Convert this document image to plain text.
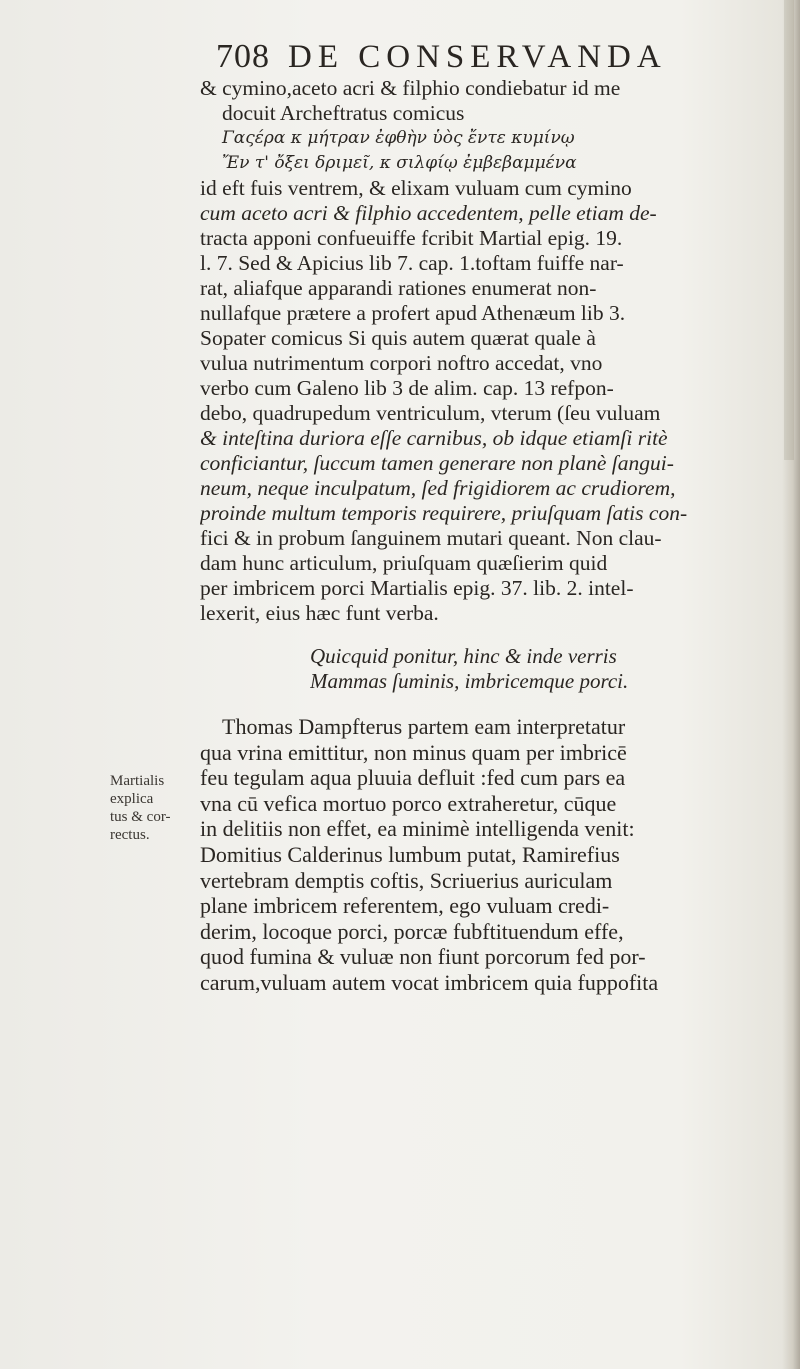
708 DE CONSERVANDA
Martialis
explica
tus & cor-
rectus.

& cymino,aceto acri & filphio condiebatur id me
docuit Archeftratus comicus
Γαςέρα κ μήτραν ἐφθὴν ὑὸς ἔντε κυμίνῳ
Ἔν τ' ὄξει δριμεῖ, κ σιλφίῳ ἐμβεβαμμένα
id eft fuis ventrem, & elixam vuluam cum cymino
cum aceto acri & filphio accedentem, pelle etiam de-
tracta apponi confueuiffe fcribit Martial epig. 19.
l. 7. Sed & Apicius lib 7. cap. 1.toftam fuiffe nar-
rat, aliafque apparandi rationes enumerat non-
nullafque prætere a profert apud Athenæum lib 3.
Sopater comicus Si quis autem quærat quale à
vulua nutrimentum corpori noftro accedat, vno
verbo cum Galeno lib 3 de alim. cap. 13 refpon-
debo, quadrupedum ventriculum, vterum (ſeu vuluam
& inteſtina duriora eſſe carnibus, ob idque etiamſi ritè
conficiantur, ſuccum tamen generare non planè ſangui-
neum, neque inculpatum, ſed frigidiorem ac crudiorem,
proinde multum temporis requirere, priuſquam ſatis con-
fici & in probum ſanguinem mutari queant. Non clau-
dam hunc articulum, priuſquam quæſierim quid
per imbricem porci Martialis epig. 37. lib. 2. intel-
lexerit, eius hæc funt verba.

Quicquid ponitur, hinc & inde verris
Mammas ſuminis, imbricemque porci.

Thomas Dampfterus partem eam interpretatur
qua vrina emittitur, non minus quam per imbricē
feu tegulam aqua pluuia defluit :fed cum pars ea
vna cū vefica mortuo porco extraheretur, cūque
in delitiis non effet, ea minimè intelligenda venit:
Domitius Calderinus lumbum putat, Ramirefius
vertebram demptis coftis, Scriuerius auriculam
plane imbricem referentem, ego vuluam credi-
derim, locoque porci, porcæ fubftituendum effe,
quod fumina & vuluæ non fiunt porcorum fed por-
carum,vuluam autem vocat imbricem quia fuppofita
